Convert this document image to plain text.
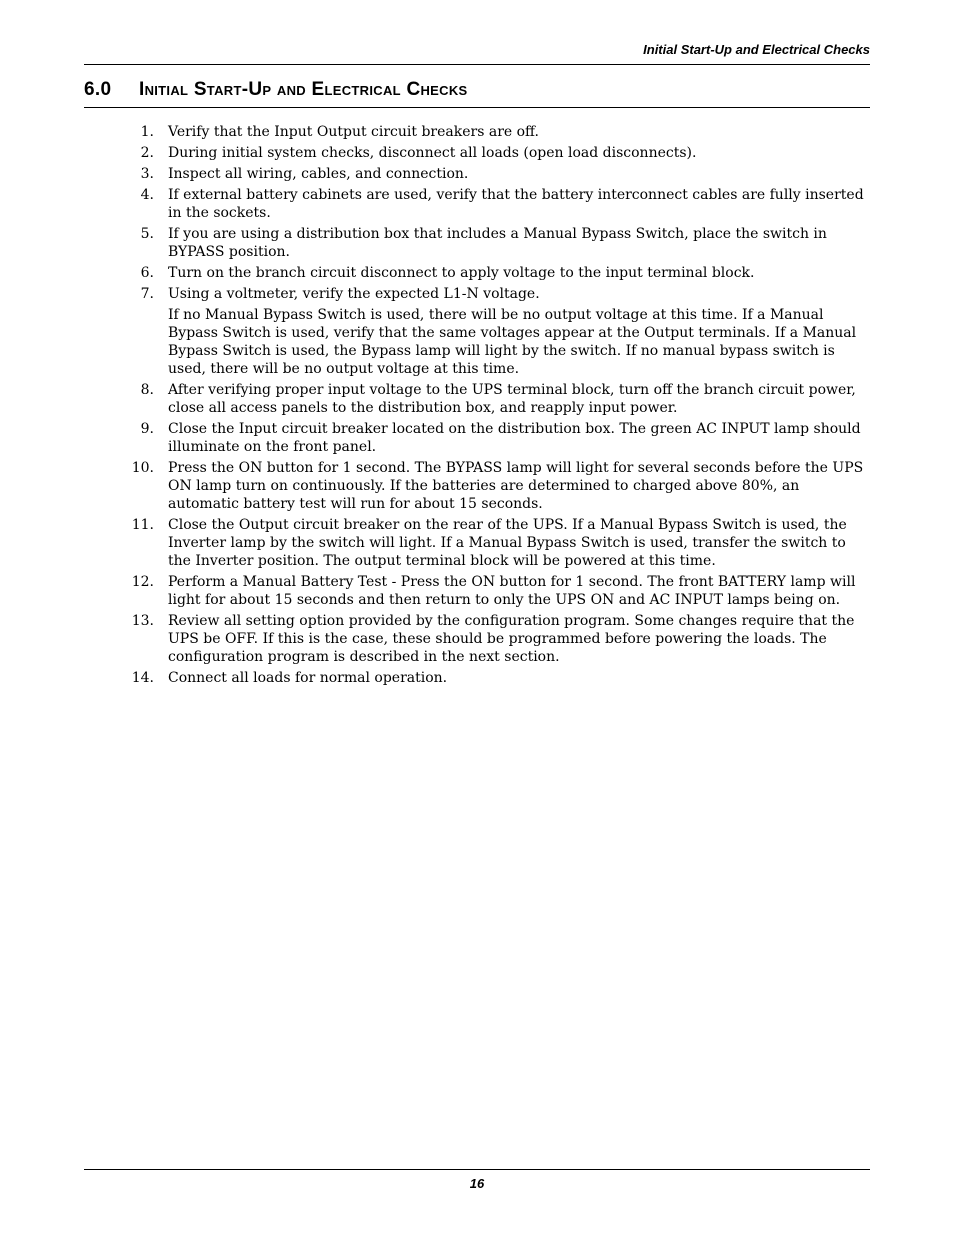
Initial Start-Up and Electrical Checks
6.0 Initial Start-Up and Electrical Checks
1. Verify that the Input Output circuit breakers are off.
2. During initial system checks, disconnect all loads (open load disconnects).
3. Inspect all wiring, cables, and connection.
4. If external battery cabinets are used, verify that the battery interconnect cables are fully inserted in the sockets.
5. If you are using a distribution box that includes a Manual Bypass Switch, place the switch in BYPASS position.
6. Turn on the branch circuit disconnect to apply voltage to the input terminal block.
7. Using a voltmeter, verify the expected L1-N voltage.
If no Manual Bypass Switch is used, there will be no output voltage at this time. If a Manual Bypass Switch is used, verify that the same voltages appear at the Output terminals. If a Manual Bypass Switch is used, the Bypass lamp will light by the switch. If no manual bypass switch is used, there will be no output voltage at this time.
8. After verifying proper input voltage to the UPS terminal block, turn off the branch circuit power, close all access panels to the distribution box, and reapply input power.
9. Close the Input circuit breaker located on the distribution box. The green AC INPUT lamp should illuminate on the front panel.
10. Press the ON button for 1 second. The BYPASS lamp will light for several seconds before the UPS ON lamp turn on continuously. If the batteries are determined to charged above 80%, an automatic battery test will run for about 15 seconds.
11. Close the Output circuit breaker on the rear of the UPS. If a Manual Bypass Switch is used, the Inverter lamp by the switch will light. If a Manual Bypass Switch is used, transfer the switch to the Inverter position. The output terminal block will be powered at this time.
12. Perform a Manual Battery Test - Press the ON button for 1 second. The front BATTERY lamp will light for about 15 seconds and then return to only the UPS ON and AC INPUT lamps being on.
13. Review all setting option provided by the configuration program. Some changes require that the UPS be OFF. If this is the case, these should be programmed before powering the loads. The configuration program is described in the next section.
14. Connect all loads for normal operation.
16
